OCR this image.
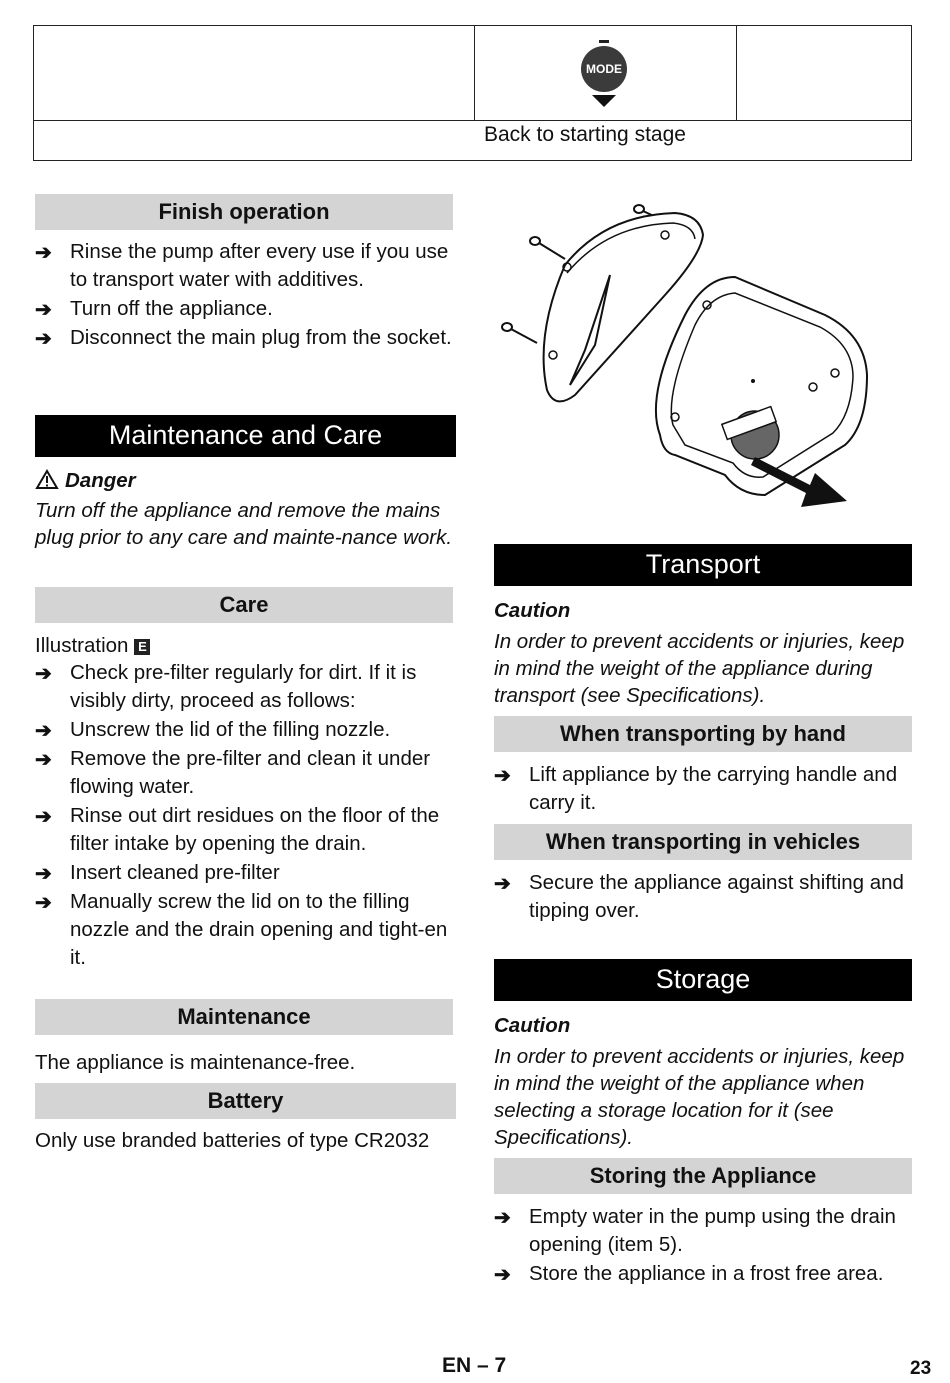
MODE
Back to starting stage
Finish operation
➔ Rinse the pump after every use if you use to transport water with additives.
➔ Turn off the appliance.
➔ Disconnect the main plug from the socket.
Maintenance and Care
Danger
Turn off the appliance and remove the mains plug prior to any care and mainte-nance work.
Care
Illustration E
➔ Check pre-filter regularly for dirt. If it is visibly dirty, proceed as follows:
➔ Unscrew the lid of the filling nozzle.
➔ Remove the pre-filter and clean it under flowing water.
➔ Rinse out dirt residues on the floor of the filter intake by opening the drain.
➔ Insert cleaned pre-filter
➔ Manually screw the lid on to the filling nozzle and the drain opening and tight-en it.
Maintenance
The appliance is maintenance-free.
Battery
Only use branded batteries of type CR2032
Transport
Caution
In order to prevent accidents or injuries, keep in mind the weight of the appliance during transport (see Specifications).
When transporting by hand
➔ Lift appliance by the carrying handle and carry it.
When transporting in vehicles
➔ Secure the appliance against shifting and tipping over.
Storage
Caution
In order to prevent accidents or injuries, keep in mind the weight of the appliance when selecting a storage location for it (see Specifications).
Storing the Appliance
➔ Empty water in the pump using the drain opening (item 5).
➔ Store the appliance in a frost free area.
EN – 7	23
